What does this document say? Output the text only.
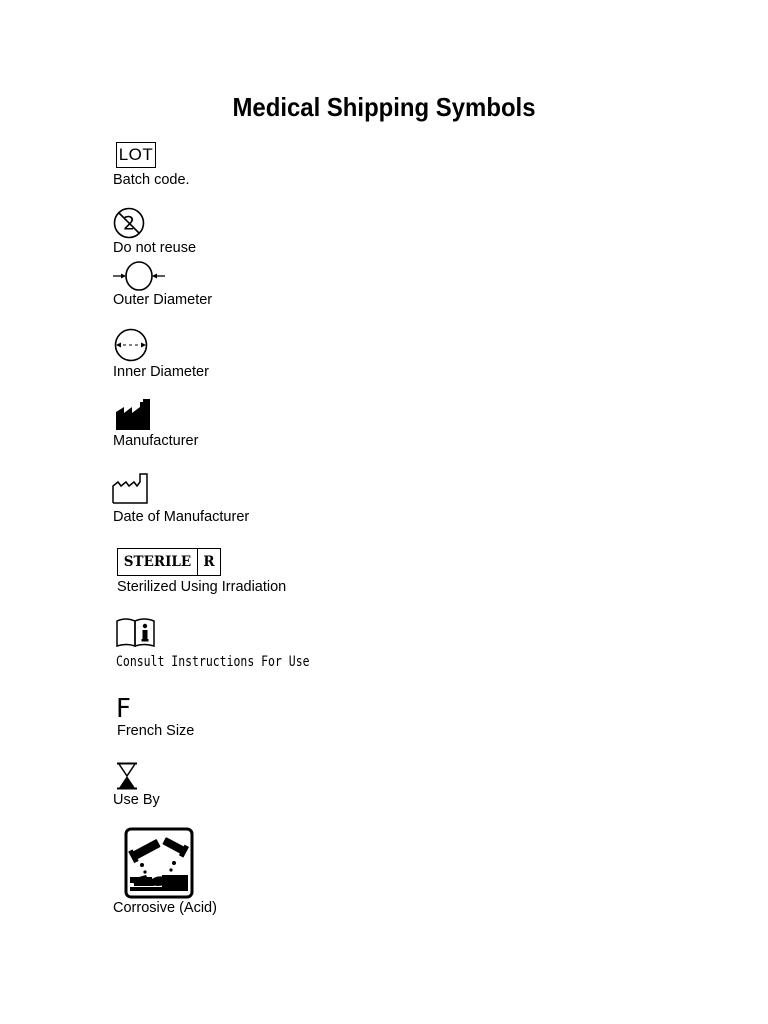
Medical Shipping Symbols
LOT
Batch code.
2
Do not reuse
Outer Diameter
Inner Diameter
Manufacturer
Date of Manufacturer
STERILE R
Sterilized Using Irradiation
Consult Instructions For Use
F
French Size
Use By
Corrosive (Acid)
